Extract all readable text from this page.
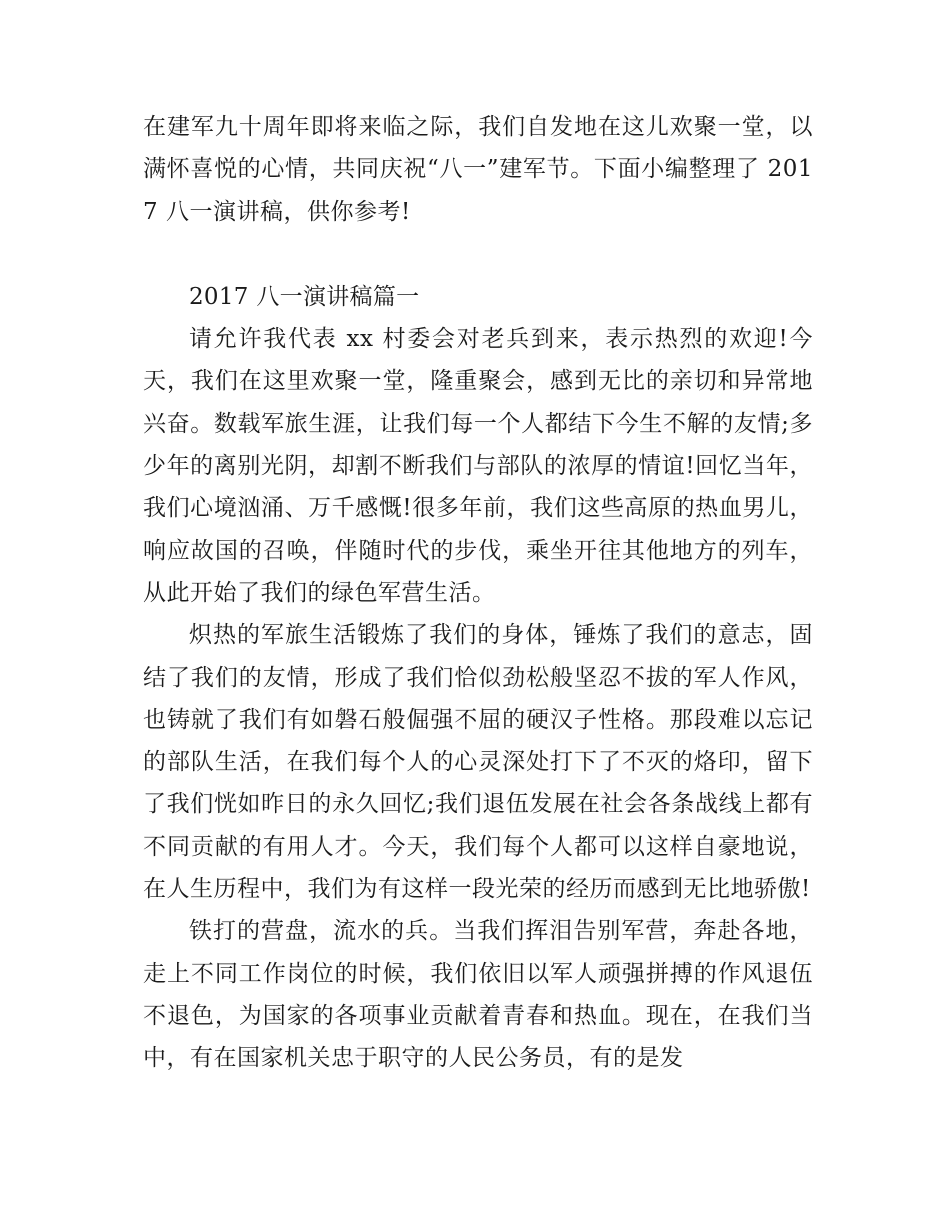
在建军九十周年即将来临之际，我们自发地在这儿欢聚一堂，以满怀喜悦的心情，共同庆祝“八一”建军节。下面小编整理了 2017 八一演讲稿，供你参考!

2017 八一演讲稿篇一

请允许我代表 xx 村委会对老兵到来，表示热烈的欢迎!今天，我们在这里欢聚一堂，隆重聚会，感到无比的亲切和异常地兴奋。数载军旅生涯，让我们每一个人都结下今生不解的友情;多少年的离别光阴，却割不断我们与部队的浓厚的情谊!回忆当年，我们心境汹涌、万千感慨!很多年前，我们这些高原的热血男儿，响应故国的召唤，伴随时代的步伐，乘坐开往其他地方的列车，从此开始了我们的绿色军营生活。

炽热的军旅生活锻炼了我们的身体，锤炼了我们的意志，固结了我们的友情，形成了我们恰似劲松般坚忍不拔的军人作风，也铸就了我们有如磐石般倔强不屈的硬汉子性格。那段难以忘记的部队生活，在我们每个人的心灵深处打下了不灭的烙印，留下了我们恍如昨日的永久回忆;我们退伍发展在社会各条战线上都有不同贡献的有用人才。今天，我们每个人都可以这样自豪地说，在人生历程中，我们为有这样一段光荣的经历而感到无比地骄傲!

铁打的营盘，流水的兵。当我们挥泪告别军营，奔赴各地，走上不同工作岗位的时候，我们依旧以军人顽强拼搏的作风退伍不退色，为国家的各项事业贡献着青春和热血。现在，在我们当中，有在国家机关忠于职守的人民公务员，有的是发
